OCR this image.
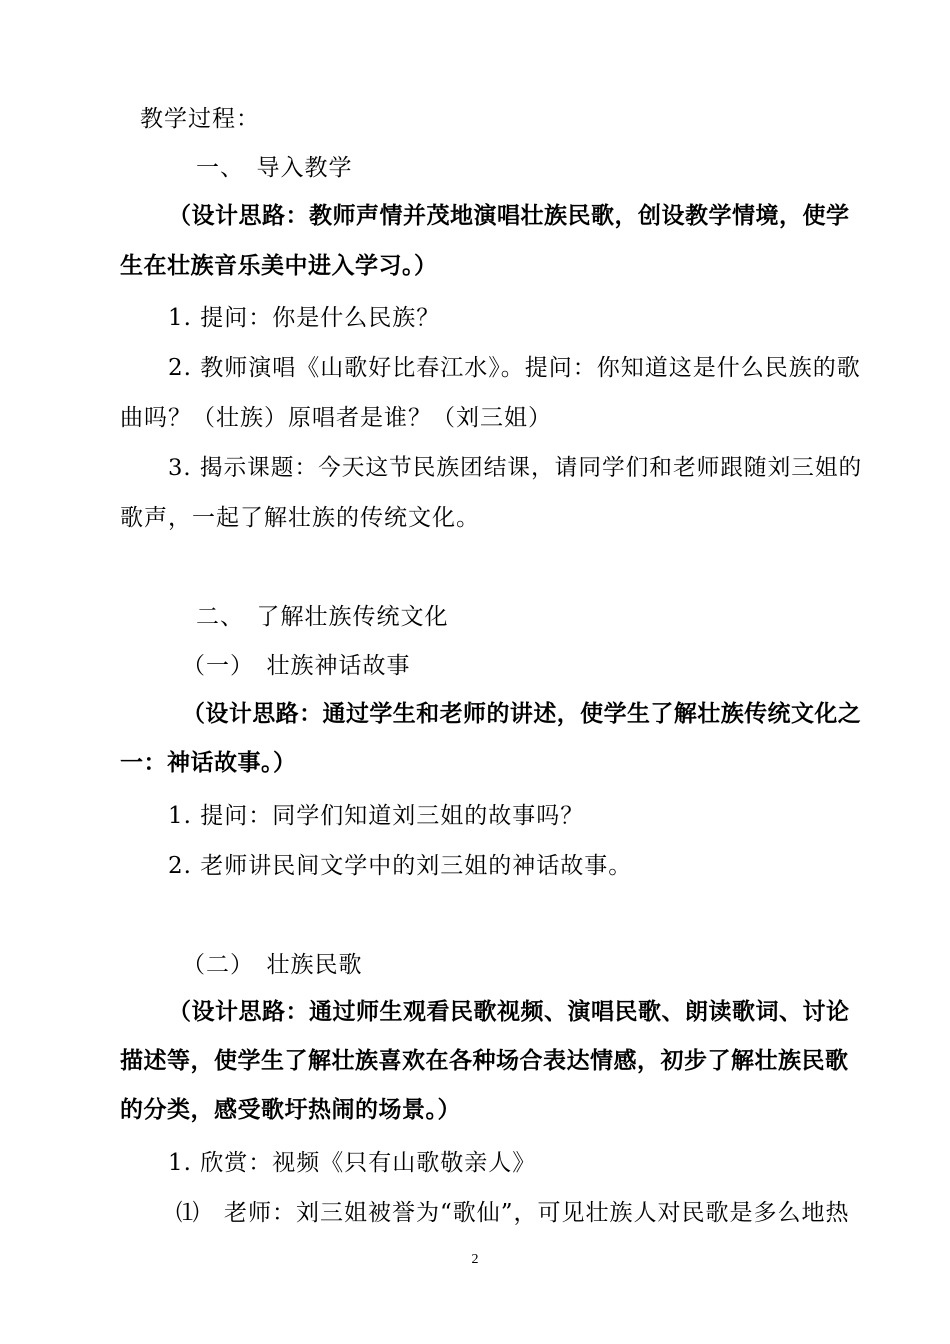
教学过程：
一、　导入教学
（设计思路：教师声情并茂地演唱壮族民歌，创设教学情境，使学
生在壮族音乐美中进入学习。）
1. 提问：你是什么民族？
2. 教师演唱《山歌好比春江水》。提问：你知道这是什么民族的歌
曲吗？（壮族）原唱者是谁？（刘三姐）
3. 揭示课题：今天这节民族团结课，请同学们和老师跟随刘三姐的
歌声，一起了解壮族的传统文化。
二、　了解壮族传统文化
（一）　壮族神话故事
（设计思路：通过学生和老师的讲述，使学生了解壮族传统文化之
一：神话故事。）
1. 提问：同学们知道刘三姐的故事吗？
2. 老师讲民间文学中的刘三姐的神话故事。
（二）　壮族民歌
（设计思路：通过师生观看民歌视频、演唱民歌、朗读歌词、讨论
描述等，使学生了解壮族喜欢在各种场合表达情感，初步了解壮族民歌
的分类，感受歌圩热闹的场景。）
1. 欣赏：视频《只有山歌敬亲人》
⑴　老师：刘三姐被誉为“歌仙”，可见壮族人对民歌是多么地热
2
